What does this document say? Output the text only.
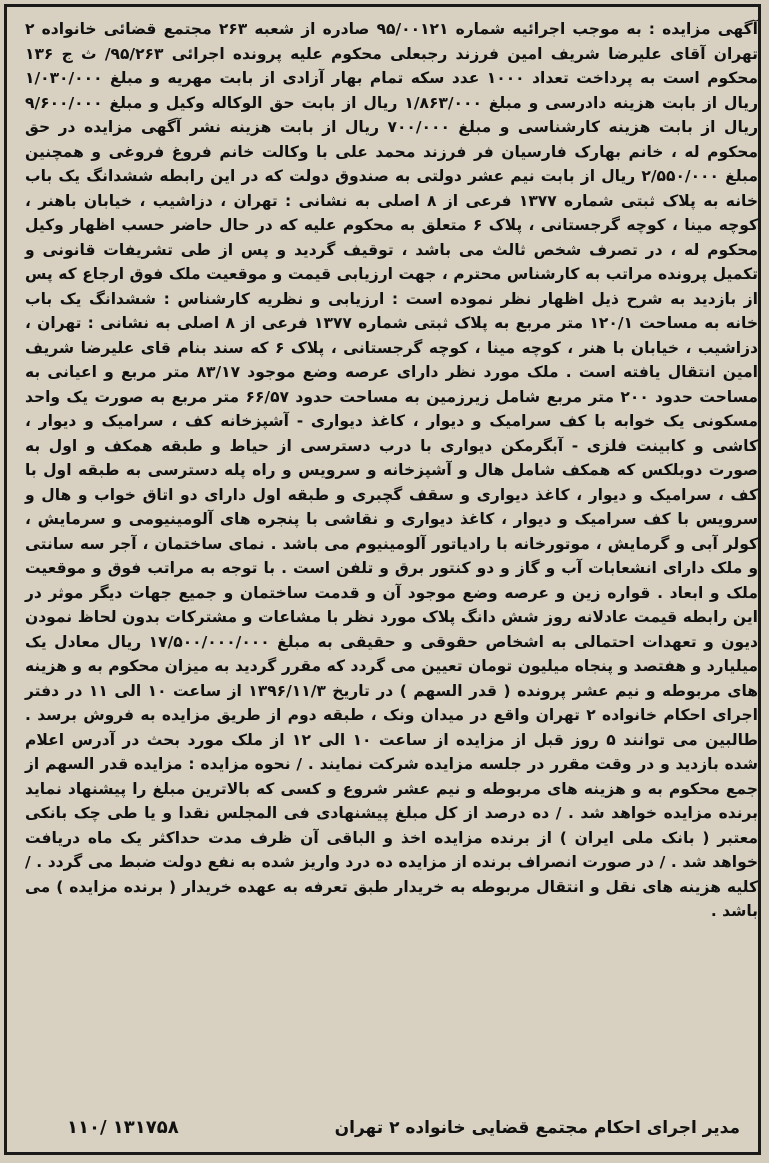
آگهی مزایده : به موجب اجرائیه شماره ۹۵/۰۰۱۲۱ صادره از شعبه ۲۶۳ مجتمع قضائی خانواده ۲ تهران آقای علیرضا شریف امین فرزند رجبعلی محکوم علیه پرونده اجرائی ۹۵/۲۶۳/ ث ج ۱۳۶ محکوم است به پرداخت تعداد ۱۰۰۰ عدد سکه تمام بهار آزادی از بابت مهریه و مبلغ ۱/۰۳۰/۰۰۰ ریال از بابت هزینه دادرسی و مبلغ ۱/۸۶۳/۰۰۰ ریال از بابت حق الوکاله وکیل و مبلغ ۹/۶۰۰/۰۰۰ ریال از بابت هزینه کارشناسی و مبلغ ۷۰۰/۰۰۰ ریال از بابت هزینه نشر آگهی مزایده در حق محکوم له ، خانم بهارک فارسیان فر فرزند محمد علی با وکالت خانم فروغ فروغی و همچنین مبلغ ۲/۵۵۰/۰۰۰ ریال از بابت نیم عشر دولتی به صندوق دولت که در این رابطه ششدانگ یک باب خانه به پلاک ثبتی شماره ۱۳۷۷ فرعی از ۸ اصلی به نشانی : تهران ، دزاشیب ، خیابان باهنر ، کوچه مینا ، کوچه گرجستانی ، پلاک ۶ متعلق به محکوم علیه که در حال حاضر حسب اظهار وکیل محکوم له ، در تصرف شخص ثالث می باشد ، توقیف گردید و پس از طی تشریفات قانونی و تکمیل پرونده مراتب به کارشناس محترم ، جهت ارزیابی قیمت و موقعیت ملک فوق ارجاع که پس از بازدید به شرح ذیل اظهار نظر نموده است : ارزیابی و نظریه کارشناس : ششدانگ یک باب خانه به مساحت ۱۲۰/۱ متر مربع به پلاک ثبتی شماره ۱۳۷۷ فرعی از ۸ اصلی به نشانی : تهران ، دزاشیب ، خیابان با هنر ، کوچه مینا ، کوچه گرجستانی ، پلاک ۶ که سند بنام قای علیرضا شریف امین انتقال یافته است . ملک مورد نظر دارای عرصه وضع موجود ۸۳/۱۷ متر مربع و اعیانی به مساحت حدود ۲۰۰ متر مربع شامل زیرزمین به مساحت حدود ۶۶/۵۷ متر مربع به صورت یک واحد مسکونی یک خوابه با کف سرامیک و دیوار ، کاغذ دیواری - آشپزخانه کف ، سرامیک و دیوار ، کاشی و کابینت فلزی - آبگرمکن دیواری با درب دسترسی از حیاط و طبقه همکف و اول به صورت دوبلکس که همکف شامل هال و آشپزخانه و سرویس و راه پله دسترسی به طبقه اول با کف ، سرامیک و دیوار ، کاغذ دیواری و سقف گچبری و طبقه اول دارای دو اتاق خواب و هال و سرویس با کف سرامیک و دیوار ، کاغذ دیواری و نقاشی با پنجره های آلومینیومی و سرمایش ، کولر آبی و گرمایش ، موتورخانه با رادیاتور آلومینیوم می باشد . نمای ساختمان ، آجر سه سانتی و ملک دارای انشعابات آب و گاز و دو کنتور برق و تلفن است . با توجه به مراتب فوق و موقعیت ملک و ابعاد . قواره زین و عرصه وضع موجود آن و قدمت ساختمان و جمیع جهات دیگر موثر در این رابطه قیمت عادلانه روز شش دانگ پلاک مورد نظر با مشاعات و مشترکات بدون لحاظ نمودن دیون و تعهدات احتمالی به اشخاص حقوقی و حقیقی به مبلغ ۱۷/۵۰۰/۰۰۰/۰۰۰ ریال معادل یک میلیارد و هفتصد و پنجاه میلیون تومان تعیین می گردد که مقرر گردید به میزان محکوم به و هزینه های مربوطه و نیم عشر پرونده ( قدر السهم ) در تاریخ ۱۳۹۶/۱۱/۳ از ساعت ۱۰ الی ۱۱ در دفتر اجرای احکام خانواده ۲ تهران واقع در میدان ونک ، طبقه دوم از طریق مزایده به فروش برسد . طالبین می توانند ۵ روز قبل از مزایده از ساعت ۱۰ الی ۱۲ از ملک مورد بحث در آدرس اعلام شده بازدید و در وقت مقرر در جلسه مزایده شرکت نمایند . / نحوه مزایده : مزایده قدر السهم از جمع محکوم به و هزینه های مربوطه و نیم عشر شروع و کسی که بالاترین مبلغ را پیشنهاد نماید برنده مزایده خواهد شد . / ده درصد از کل مبلغ پیشنهادی فی المجلس نقدا و یا طی چک بانکی معتبر ( بانک ملی ایران ) از برنده مزایده اخذ و الباقی آن ظرف مدت حداکثر یک ماه دریافت خواهد شد . / در صورت انصراف برنده از مزایده ده درد واریز شده به نفع دولت ضبط می گردد . / کلیه هزینه های نقل و انتقال مربوطه به خریدار طبق تعرفه به عهده خریدار ( برنده مزایده ) می باشد .

مدیر اجرای احکام مجتمع قضایی خانواده ۲ تهران
۱۱۰/ ۱۳۱۷۵۸
